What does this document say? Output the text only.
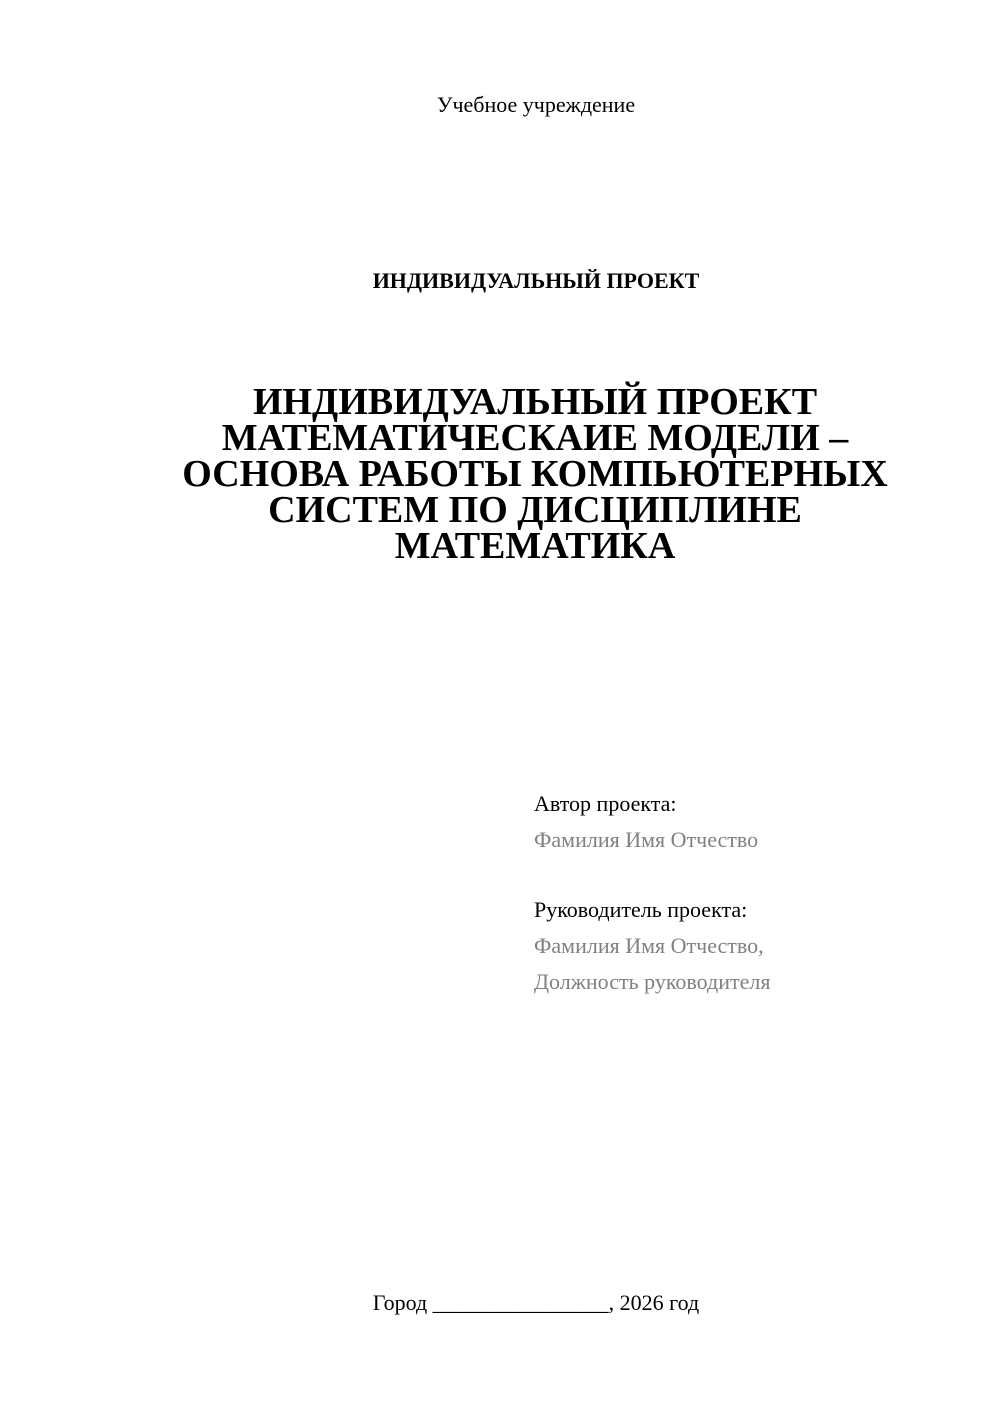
Учебное учреждение
ИНДИВИДУАЛЬНЫЙ ПРОЕКТ
ИНДИВИДУАЛЬНЫЙ ПРОЕКТ
МАТЕМАТИЧЕСКАИЕ МОДЕЛИ –
ОСНОВА РАБОТЫ КОМПЬЮТЕРНЫХ
СИСТЕМ ПО ДИСЦИПЛИНЕ
МАТЕМАТИКА
Автор проекта:
Фамилия Имя Отчество
Руководитель проекта:
Фамилия Имя Отчество,
Должность руководителя
Город ________________, 2026 год
